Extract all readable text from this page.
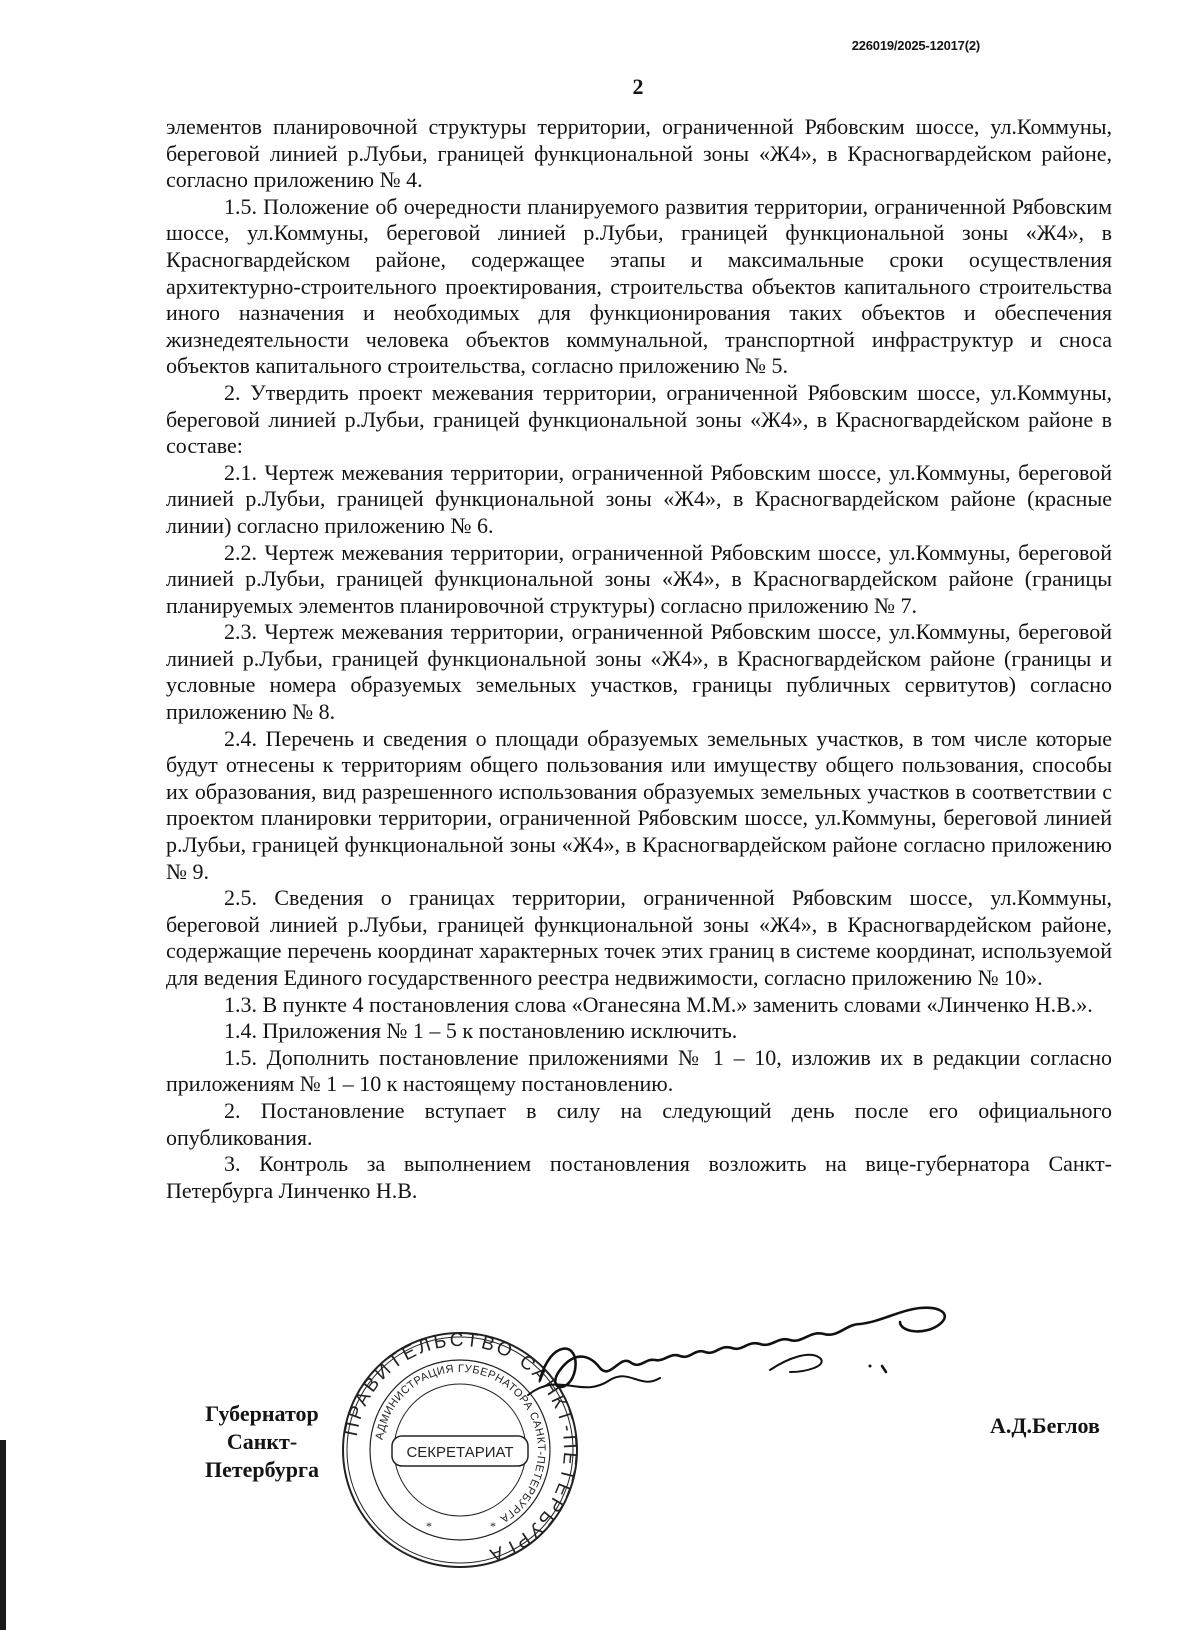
226019/2025-12017(2)
2

элементов планировочной структуры территории, ограниченной Рябовским шоссе, ул.Коммуны, береговой линией р.Лубьи, границей функциональной зоны «Ж4», в Красногвардейском районе, согласно приложению № 4.

1.5. Положение об очередности планируемого развития территории, ограниченной Рябовским шоссе, ул.Коммуны, береговой линией р.Лубьи, границей функциональной зоны «Ж4», в Красногвардейском районе, содержащее этапы и максимальные сроки осуществления архитектурно-строительного проектирования, строительства объектов капитального строительства иного назначения и необходимых для функционирования таких объектов и обеспечения жизнедеятельности человека объектов коммунальной, транспортной инфраструктур и сноса объектов капитального строительства, согласно приложению № 5.

2. Утвердить проект межевания территории, ограниченной Рябовским шоссе, ул.Коммуны, береговой линией р.Лубьи, границей функциональной зоны «Ж4», в Красногвардейском районе в составе:

2.1. Чертеж межевания территории, ограниченной Рябовским шоссе, ул.Коммуны, береговой линией р.Лубьи, границей функциональной зоны «Ж4», в Красногвардейском районе (красные линии) согласно приложению № 6.

2.2. Чертеж межевания территории, ограниченной Рябовским шоссе, ул.Коммуны, береговой линией р.Лубьи, границей функциональной зоны «Ж4», в Красногвардейском районе (границы планируемых элементов планировочной структуры) согласно приложению № 7.

2.3. Чертеж межевания территории, ограниченной Рябовским шоссе, ул.Коммуны, береговой линией р.Лубьи, границей функциональной зоны «Ж4», в Красногвардейском районе (границы и условные номера образуемых земельных участков, границы публичных сервитутов) согласно приложению № 8.

2.4. Перечень и сведения о площади образуемых земельных участков, в том числе которые будут отнесены к территориям общего пользования или имуществу общего пользования, способы их образования, вид разрешенного использования образуемых земельных участков в соответствии с проектом планировки территории, ограниченной Рябовским шоссе, ул.Коммуны, береговой линией р.Лубьи, границей функциональной зоны «Ж4», в Красногвардейском районе согласно приложению № 9.

2.5. Сведения о границах территории, ограниченной Рябовским шоссе, ул.Коммуны, береговой линией р.Лубьи, границей функциональной зоны «Ж4», в Красногвардейском районе, содержащие перечень координат характерных точек этих границ в системе координат, используемой для ведения Единого государственного реестра недвижимости, согласно приложению № 10».

1.3. В пункте 4 постановления слова «Оганесяна М.М.» заменить словами «Линченко Н.В.».

1.4. Приложения № 1 – 5 к постановлению исключить.

1.5. Дополнить постановление приложениями № 1 – 10, изложив их в редакции согласно приложениям № 1 – 10 к настоящему постановлению.

2. Постановление вступает в силу на следующий день после его официального опубликования.

3. Контроль за выполнением постановления возложить на вице-губернатора Санкт-Петербурга Линченко Н.В.

Губернатор Санкт-Петербурга
ПРАВИТЕЛЬСТВО САНКТ-ПЕТЕРБУРГА
АДМИНИСТРАЦИЯ ГУБЕРНАТОРА САНКТ-ПЕТЕРБУРГА
СЕКРЕТАРИАТ
*	*
А.Д.Беглов
